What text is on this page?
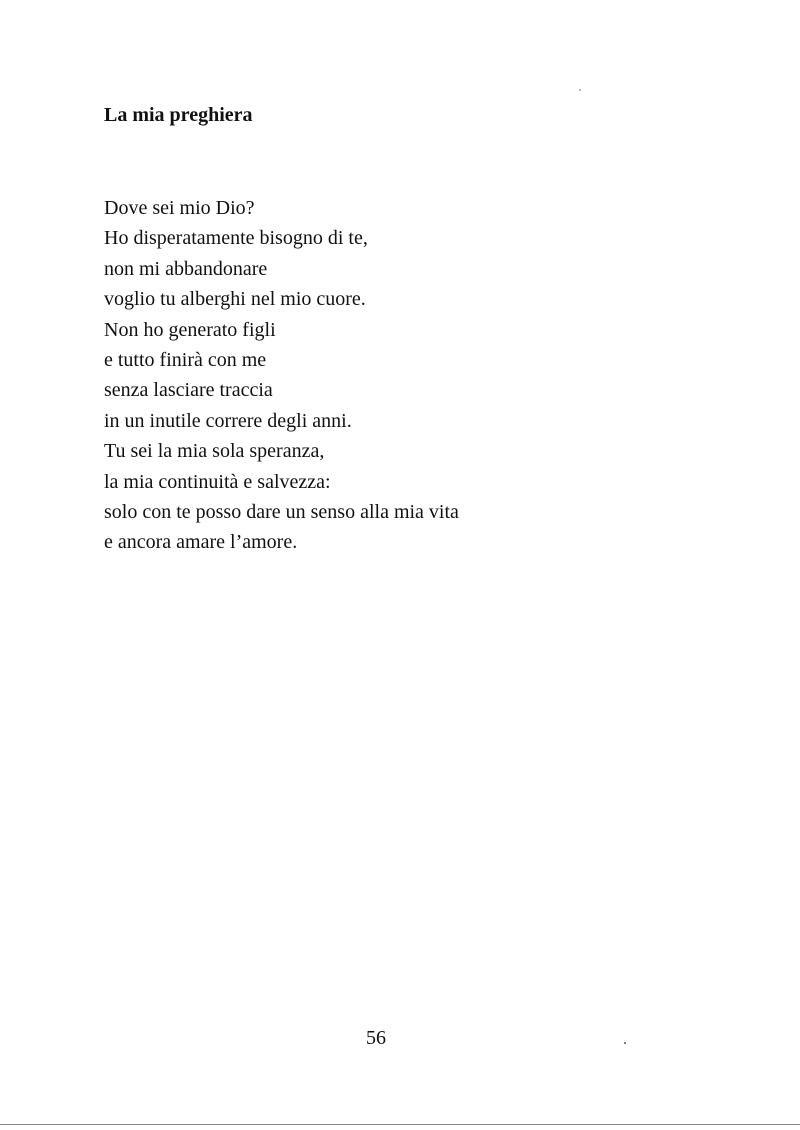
La mia preghiera
Dove sei mio Dio?
Ho disperatamente bisogno di te,
non mi abbandonare
voglio tu alberghi nel mio cuore.
Non ho generato figli
e tutto finirà con me
senza lasciare traccia
in un inutile correre degli anni.
Tu sei la mia sola speranza,
la mia continuità e salvezza:
solo con te posso dare un senso alla mia vita
e ancora amare l’amore.
56
